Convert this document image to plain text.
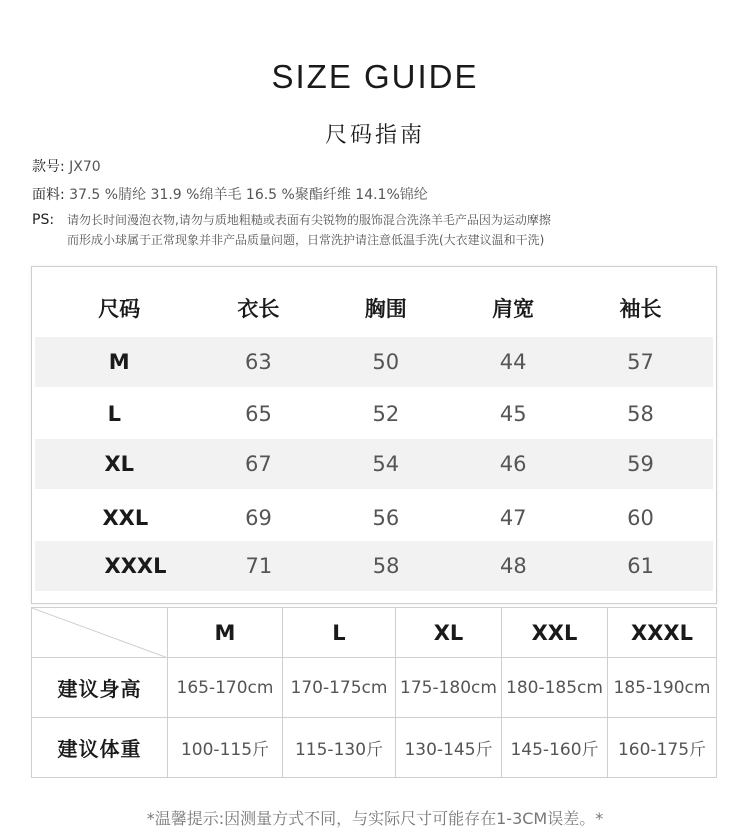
SIZE GUIDE
尺码指南
款号: JX70
面料: 37.5 %腈纶 31.9 %绵羊毛 16.5 %聚酯纤维 14.1%锦纶
PS: 请勿长时间漫泡衣物,请勿与质地粗糙或表面有尖锐物的服饰混合洗涤羊毛产品因为运动摩擦
而形成小球属于正常现象并非产品质量问题，日常洗护请注意低温手洗(大衣建议温和干洗)
尺码	衣长	胸围	肩宽	袖长
M	63	50	44	57
L	65	52	45	58
XL	67	54	46	59
XXL	69	56	47	60
XXXL	71	58	48	61
M	L	XL	XXL	XXXL
建议身高	165-170cm	170-175cm 175-180cm 180-185cm 185-190cm
建议体重	100-115斤	115-130斤	130-145斤	145-160斤	160-175斤
*温馨提示:因测量方式不同，与实际尺寸可能存在1-3CM误差。*
